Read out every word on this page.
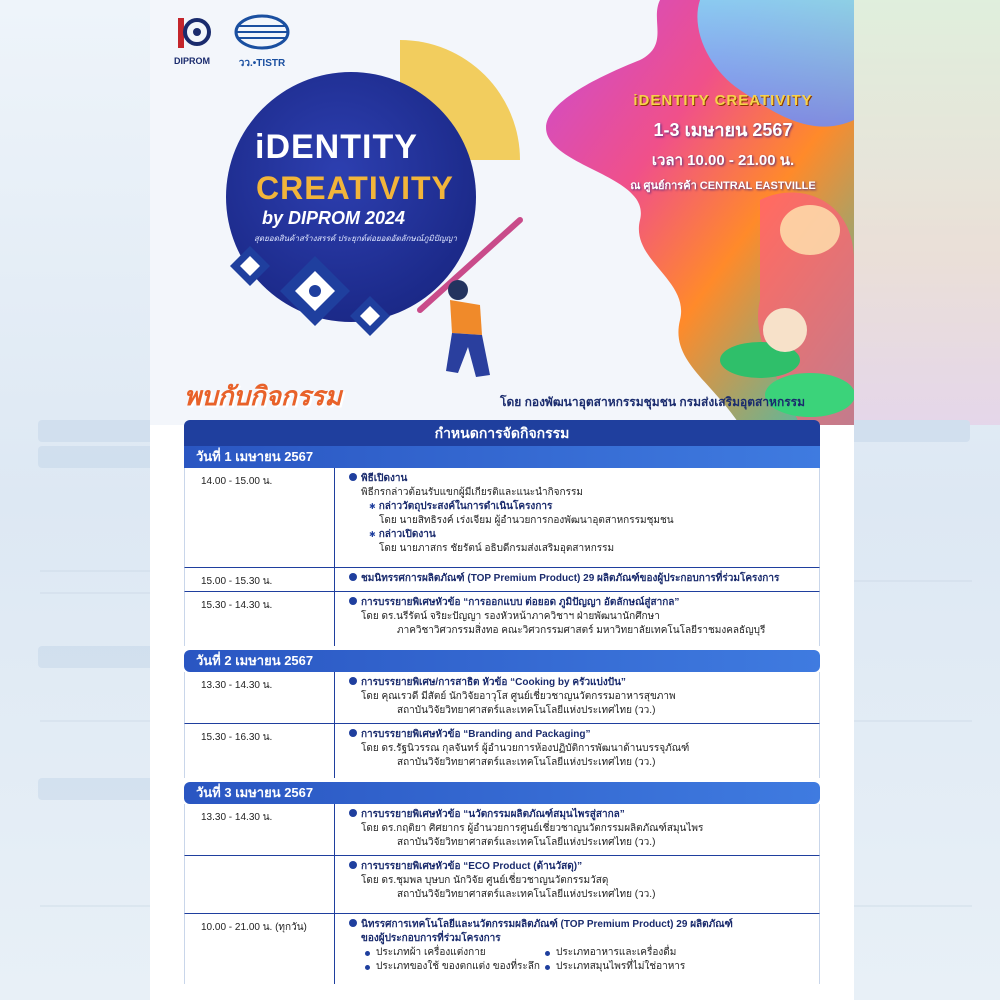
DIPROM	วว.•TISTR
iDENTITY
CREATIVITY
by DIPROM 2024
สุดยอดสินค้าสร้างสรรค์ ประยุกต์ต่อยอดอัตลักษณ์ภูมิปัญญา
iDENTITY CREATIVITY
1-3 เมษายน 2567
เวลา 10.00 - 21.00 น.
ณ ศูนย์การค้า CENTRAL EASTVILLE
พบกับกิจกรรม	โดย กองพัฒนาอุตสาหกรรมชุมชน กรมส่งเสริมอุตสาหกรรม
กำหนดการจัดกิจกรรม
วันที่ 1 เมษายน 2567
14.00 - 15.00 น.	พิธีเปิดงาน
พิธีกรกล่าวต้อนรับแขกผู้มีเกียรติและแนะนำกิจกรรม
✱ กล่าววัตถุประสงค์ในการดำเนินโครงการ
โดย นายสิทธิรงค์ เร่งเจียม ผู้อำนวยการกองพัฒนาอุตสาหกรรมชุมชน
✱ กล่าวเปิดงาน
โดย นายภาสกร ชัยรัตน์ อธิบดีกรมส่งเสริมอุตสาหกรรม
15.00 - 15.30 น.	ชมนิทรรศการผลิตภัณฑ์ (TOP Premium Product) 29 ผลิตภัณฑ์ของผู้ประกอบการที่ร่วมโครงการ
15.30 - 14.30 น.	การบรรยายพิเศษหัวข้อ “การออกแบบ ต่อยอด ภูมิปัญญา อัตลักษณ์สู่สากล”
โดย ดร.นรีรัตน์ จริยะปัญญา รองหัวหน้าภาควิชาฯ ฝ่ายพัฒนานักศึกษา
ภาควิชาวิศวกรรมสิ่งทอ คณะวิศวกรรมศาสตร์ มหาวิทยาลัยเทคโนโลยีราชมงคลธัญบุรี
วันที่ 2 เมษายน 2567
13.30 - 14.30 น.	การบรรยายพิเศษ/การสาธิต หัวข้อ “Cooking by ครัวแบ่งปัน”
โดย คุณเรวดี มีสัตย์ นักวิจัยอาวุโส ศูนย์เชี่ยวชาญนวัตกรรมอาหารสุขภาพ
สถาบันวิจัยวิทยาศาสตร์และเทคโนโลยีแห่งประเทศไทย (วว.)
15.30 - 16.30 น.	การบรรยายพิเศษหัวข้อ “Branding and Packaging”
โดย ดร.รัฐนิวรรณ กุลจันทร์ ผู้อำนวยการห้องปฏิบัติการพัฒนาด้านบรรจุภัณฑ์
สถาบันวิจัยวิทยาศาสตร์และเทคโนโลยีแห่งประเทศไทย (วว.)
วันที่ 3 เมษายน 2567
13.30 - 14.30 น.	การบรรยายพิเศษหัวข้อ “นวัตกรรมผลิตภัณฑ์สมุนไพรสู่สากล”
โดย ดร.กฤติยา ศิศยากร ผู้อำนวยการศูนย์เชี่ยวชาญนวัตกรรมผลิตภัณฑ์สมุนไพร
สถาบันวิจัยวิทยาศาสตร์และเทคโนโลยีแห่งประเทศไทย (วว.)
การบรรยายพิเศษหัวข้อ “ECO Product (ด้านวัสดุ)”
โดย ดร.ชุมพล บุษบก นักวิจัย ศูนย์เชี่ยวชาญนวัตกรรมวัสดุ
สถาบันวิจัยวิทยาศาสตร์และเทคโนโลยีแห่งประเทศไทย (วว.)
10.00 - 21.00 น. (ทุกวัน)	นิทรรศการเทคโนโลยีและนวัตกรรมผลิตภัณฑ์ (TOP Premium Product) 29 ผลิตภัณฑ์
ของผู้ประกอบการที่ร่วมโครงการ
ประเภทผ้า เครื่องแต่งกาย	ประเภทอาหารและเครื่องดื่ม
ประเภทของใช้ ของตกแต่ง ของที่ระลึก ประเภทสมุนไพรที่ไม่ใช่อาหาร
